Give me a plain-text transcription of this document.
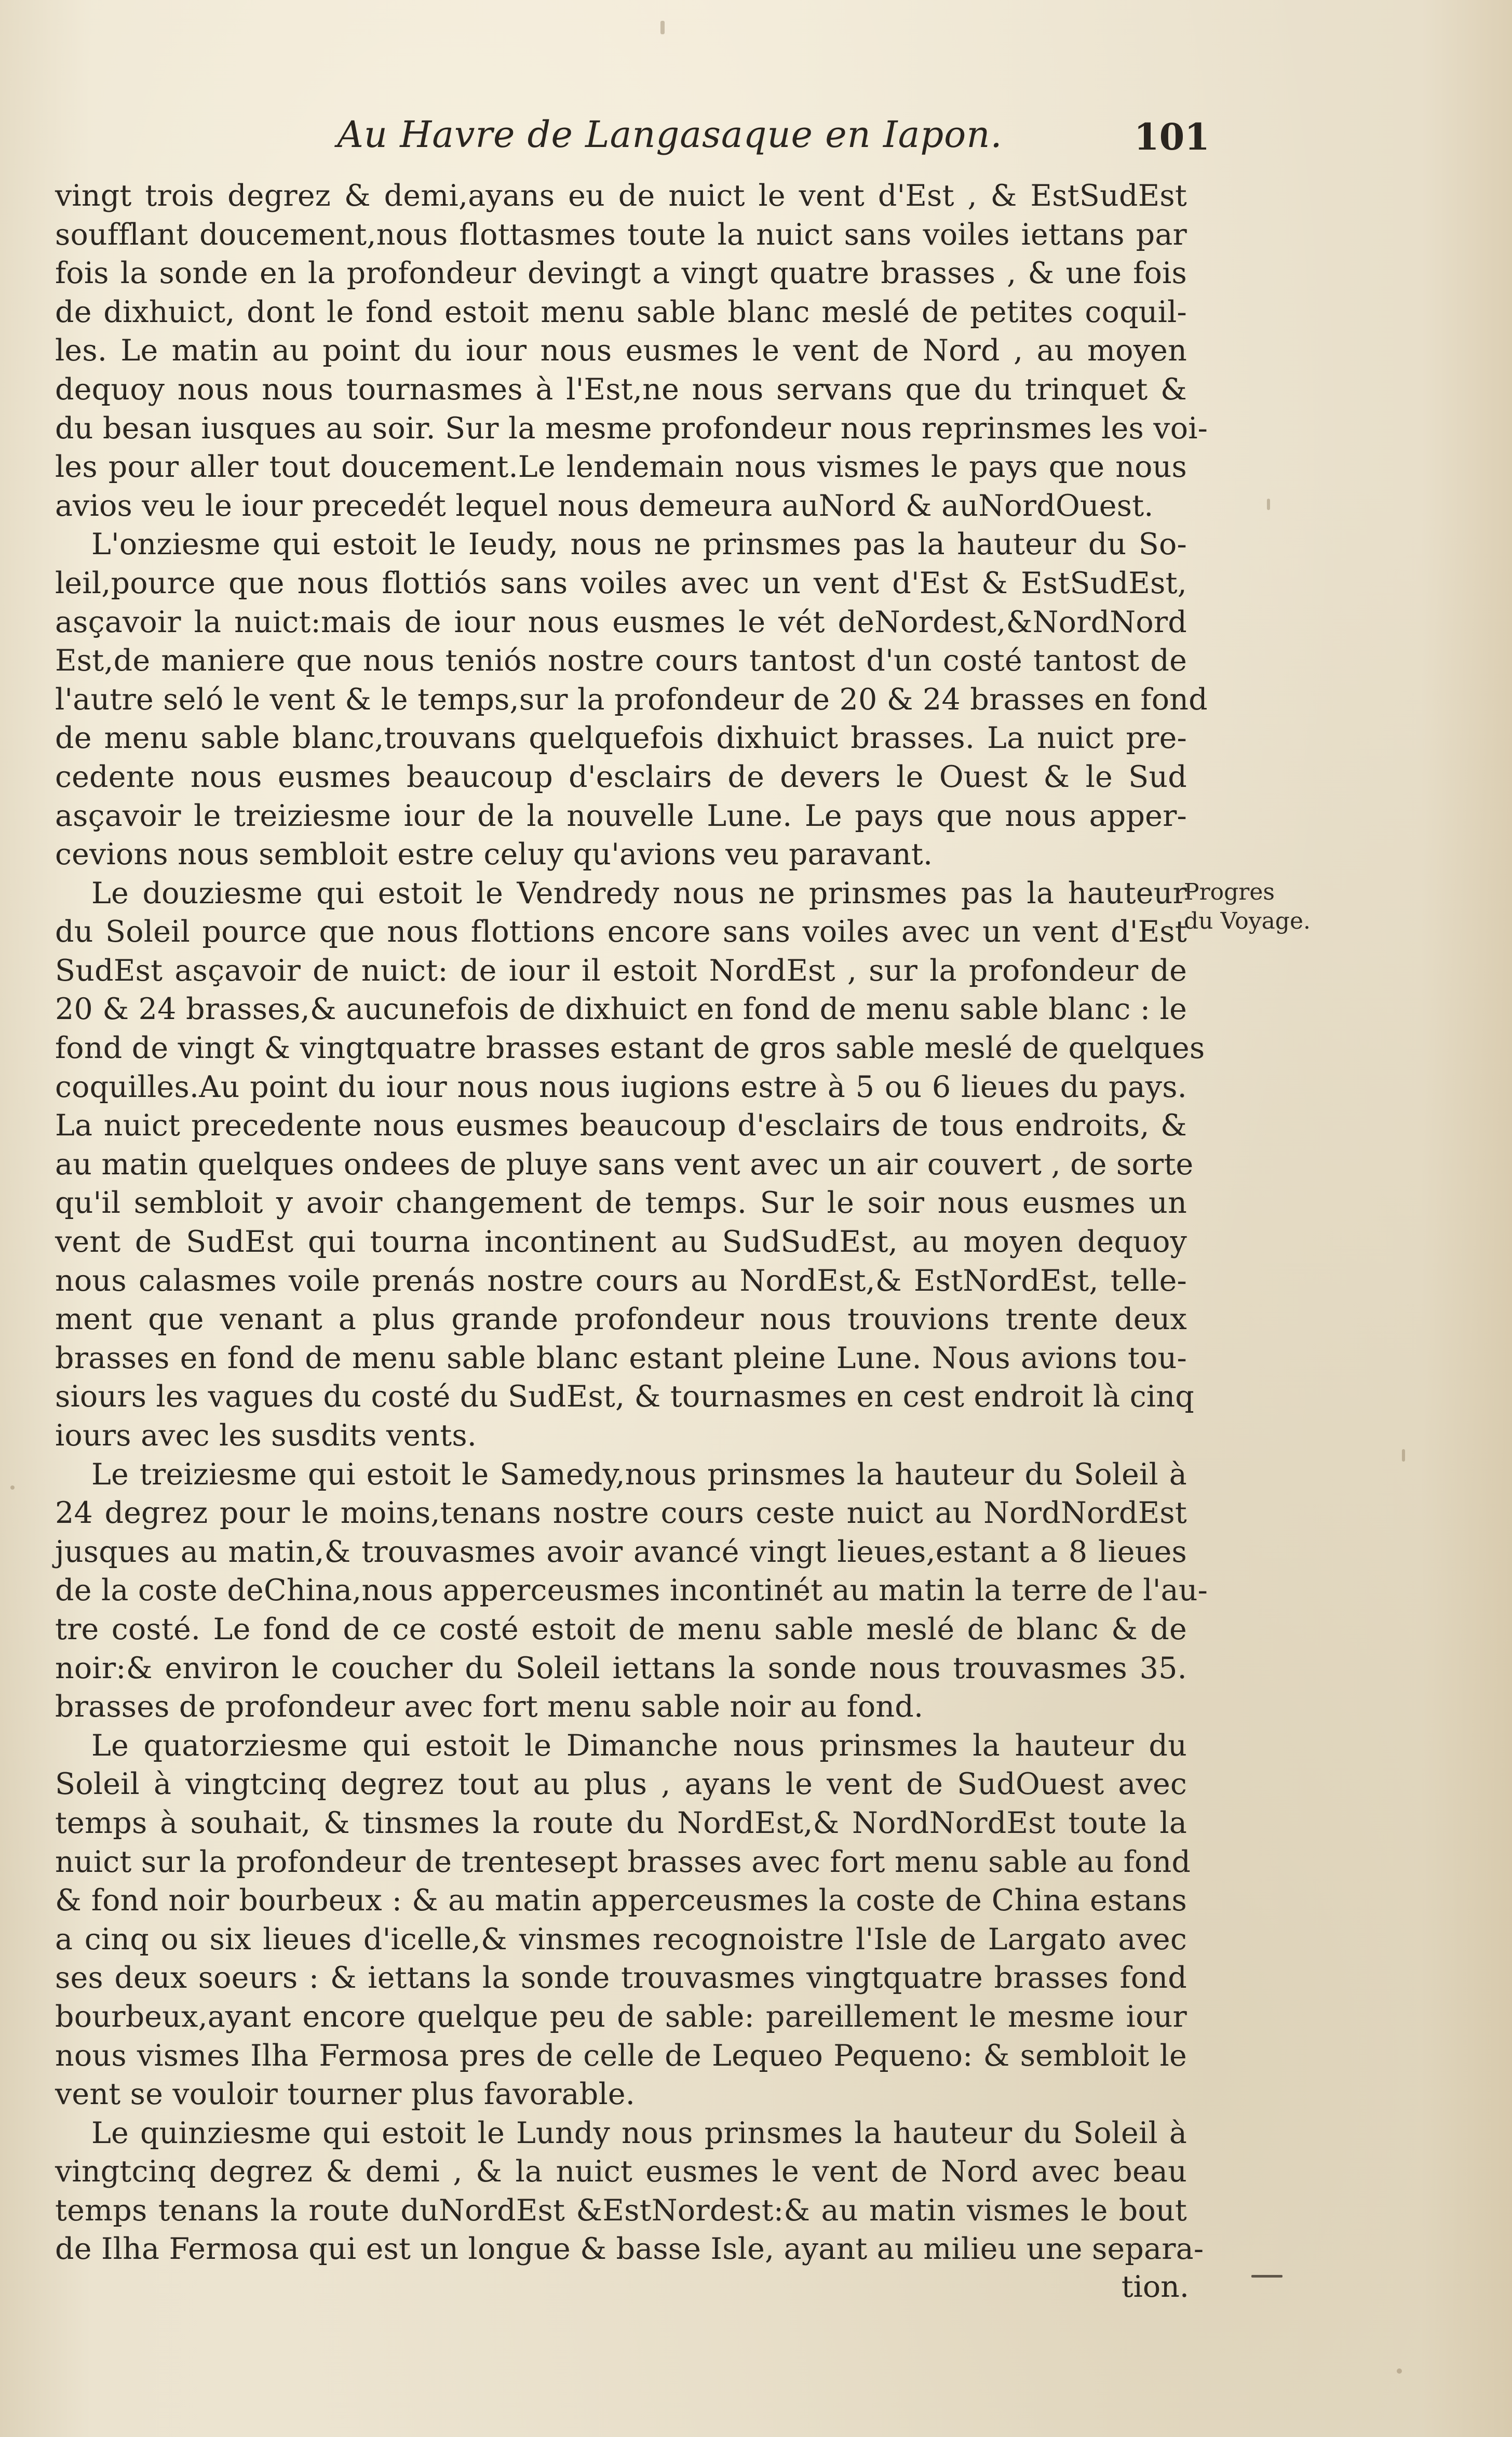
Au Havre de Langasaque en Iapon.	101
Progres
du Voyage.
vingt trois degrez & demi,ayans eu de nuict le vent d'Est , & EstSudEst
soufflant doucement,nous flottasmes toute la nuict sans voiles iettans par
fois la sonde en la profondeur devingt a vingt quatre brasses , & une fois
de dixhuict, dont le fond estoit menu sable blanc meslé de petites coquil-
les. Le matin au point du iour nous eusmes le vent de Nord , au moyen
dequoy nous nous tournasmes à l'Est,ne nous servans que du trinquet &
du besan iusques au soir. Sur la mesme profondeur nous reprinsmes les voi-
les pour aller tout doucement.Le lendemain nous vismes le pays que nous
avios veu le iour precedét lequel nous demeura auNord & auNordOuest.
L'onziesme qui estoit le Ieudy, nous ne prinsmes pas la hauteur du So-
leil,pource que nous flottiós sans voiles avec un vent d'Est & EstSudEst,
asçavoir la nuict:mais de iour nous eusmes le vét deNordest,&NordNord
Est,de maniere que nous teniós nostre cours tantost d'un costé tantost de
l'autre seló le vent & le temps,sur la profondeur de 20 & 24 brasses en fond
de menu sable blanc,trouvans quelquefois dixhuict brasses. La nuict pre-
cedente nous eusmes beaucoup d'esclairs de devers le Ouest & le Sud
asçavoir le treiziesme iour de la nouvelle Lune. Le pays que nous apper-
cevions nous sembloit estre celuy qu'avions veu paravant.
Le douziesme qui estoit le Vendredy nous ne prinsmes pas la hauteur
du Soleil pource que nous flottions encore sans voiles avec un vent d'Est
SudEst asçavoir de nuict: de iour il estoit NordEst , sur la profondeur de
20 & 24 brasses,& aucunefois de dixhuict en fond de menu sable blanc : le
fond de vingt & vingtquatre brasses estant de gros sable meslé de quelques
coquilles.Au point du iour nous nous iugions estre à 5 ou 6 lieues du pays.
La nuict precedente nous eusmes beaucoup d'esclairs de tous endroits, &
au matin quelques ondees de pluye sans vent avec un air couvert , de sorte
qu'il sembloit y avoir changement de temps. Sur le soir nous eusmes un
vent de SudEst qui tourna incontinent au SudSudEst, au moyen dequoy
nous calasmes voile prenás nostre cours au NordEst,& EstNordEst, telle-
ment que venant a plus grande profondeur nous trouvions trente deux
brasses en fond de menu sable blanc estant pleine Lune. Nous avions tou-
siours les vagues du costé du SudEst, & tournasmes en cest endroit là cinq
iours avec les susdits vents.
Le treiziesme qui estoit le Samedy,nous prinsmes la hauteur du Soleil à
24 degrez pour le moins,tenans nostre cours ceste nuict au NordNordEst
jusques au matin,& trouvasmes avoir avancé vingt lieues,estant a 8 lieues
de la coste deChina,nous apperceusmes incontinét au matin la terre de l'au-
tre costé. Le fond de ce costé estoit de menu sable meslé de blanc & de
noir:& environ le coucher du Soleil iettans la sonde nous trouvasmes 35.
brasses de profondeur avec fort menu sable noir au fond.
Le quatorziesme qui estoit le Dimanche nous prinsmes la hauteur du
Soleil à vingtcinq degrez tout au plus , ayans le vent de SudOuest avec
temps à souhait, & tinsmes la route du NordEst,& NordNordEst toute la
nuict sur la profondeur de trentesept brasses avec fort menu sable au fond
& fond noir bourbeux : & au matin apperceusmes la coste de China estans
a cinq ou six lieues d'icelle,& vinsmes recognoistre l'Isle de Largato avec
ses deux soeurs : & iettans la sonde trouvasmes vingtquatre brasses fond
bourbeux,ayant encore quelque peu de sable: pareillement le mesme iour
nous vismes Ilha Fermosa pres de celle de Lequeo Pequeno: & sembloit le
vent se vouloir tourner plus favorable.
Le quinziesme qui estoit le Lundy nous prinsmes la hauteur du Soleil à
vingtcinq degrez & demi , & la nuict eusmes le vent de Nord avec beau
temps tenans la route duNordEst &EstNordest:& au matin vismes le bout
de Ilha Fermosa qui est un longue & basse Isle, ayant au milieu une separa-
tion.
